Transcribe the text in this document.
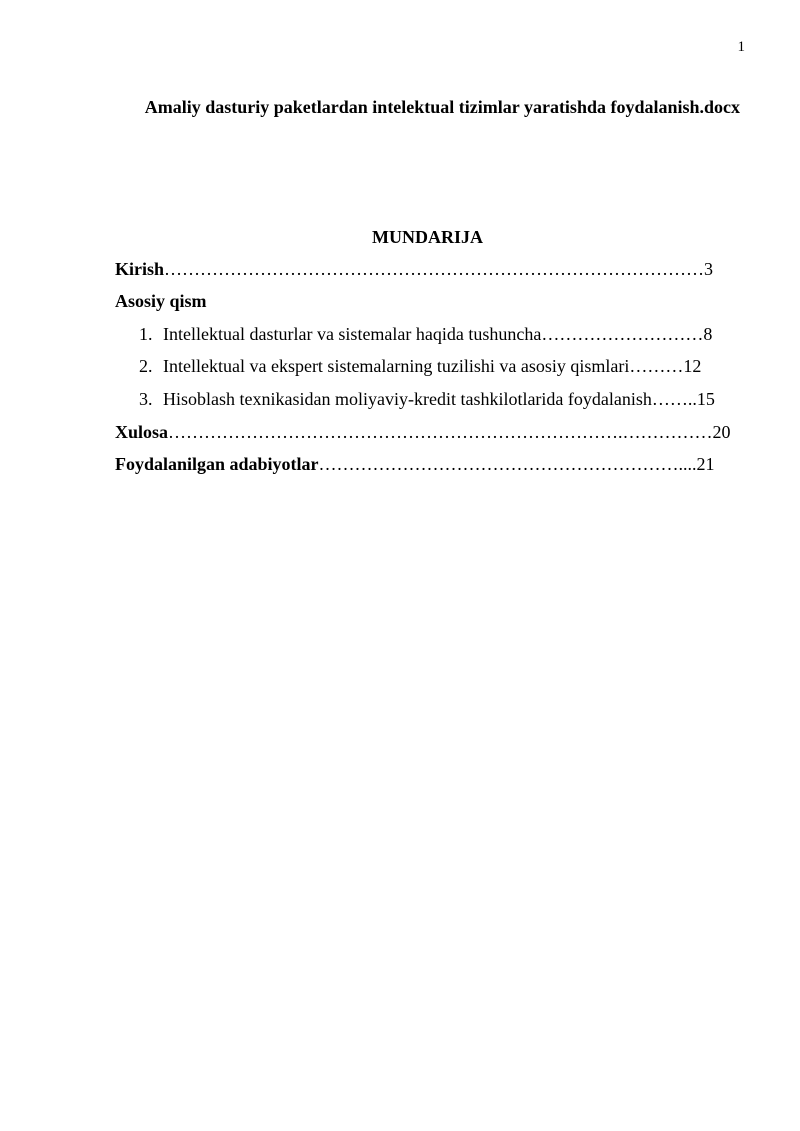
1
Amaliy dasturiy paketlardan intelektual tizimlar yaratishda foydalanish.docx
MUNDARIJA
Kirish………………………………………………………………………………3
Asosiy qism
1. Intellektual dasturlar va sistemalar haqida tushuncha………………………8
2. Intellektual va ekspert sistemalarning tuzilishi va asosiy qismlari………12
3. Hisoblash texnikasidan moliyaviy-kredit tashkilotlarida foydalanish……..15
Xulosa………………………………………………………………….……………20
Foydalanilgan adabiyotlar……………………………………………………....21
